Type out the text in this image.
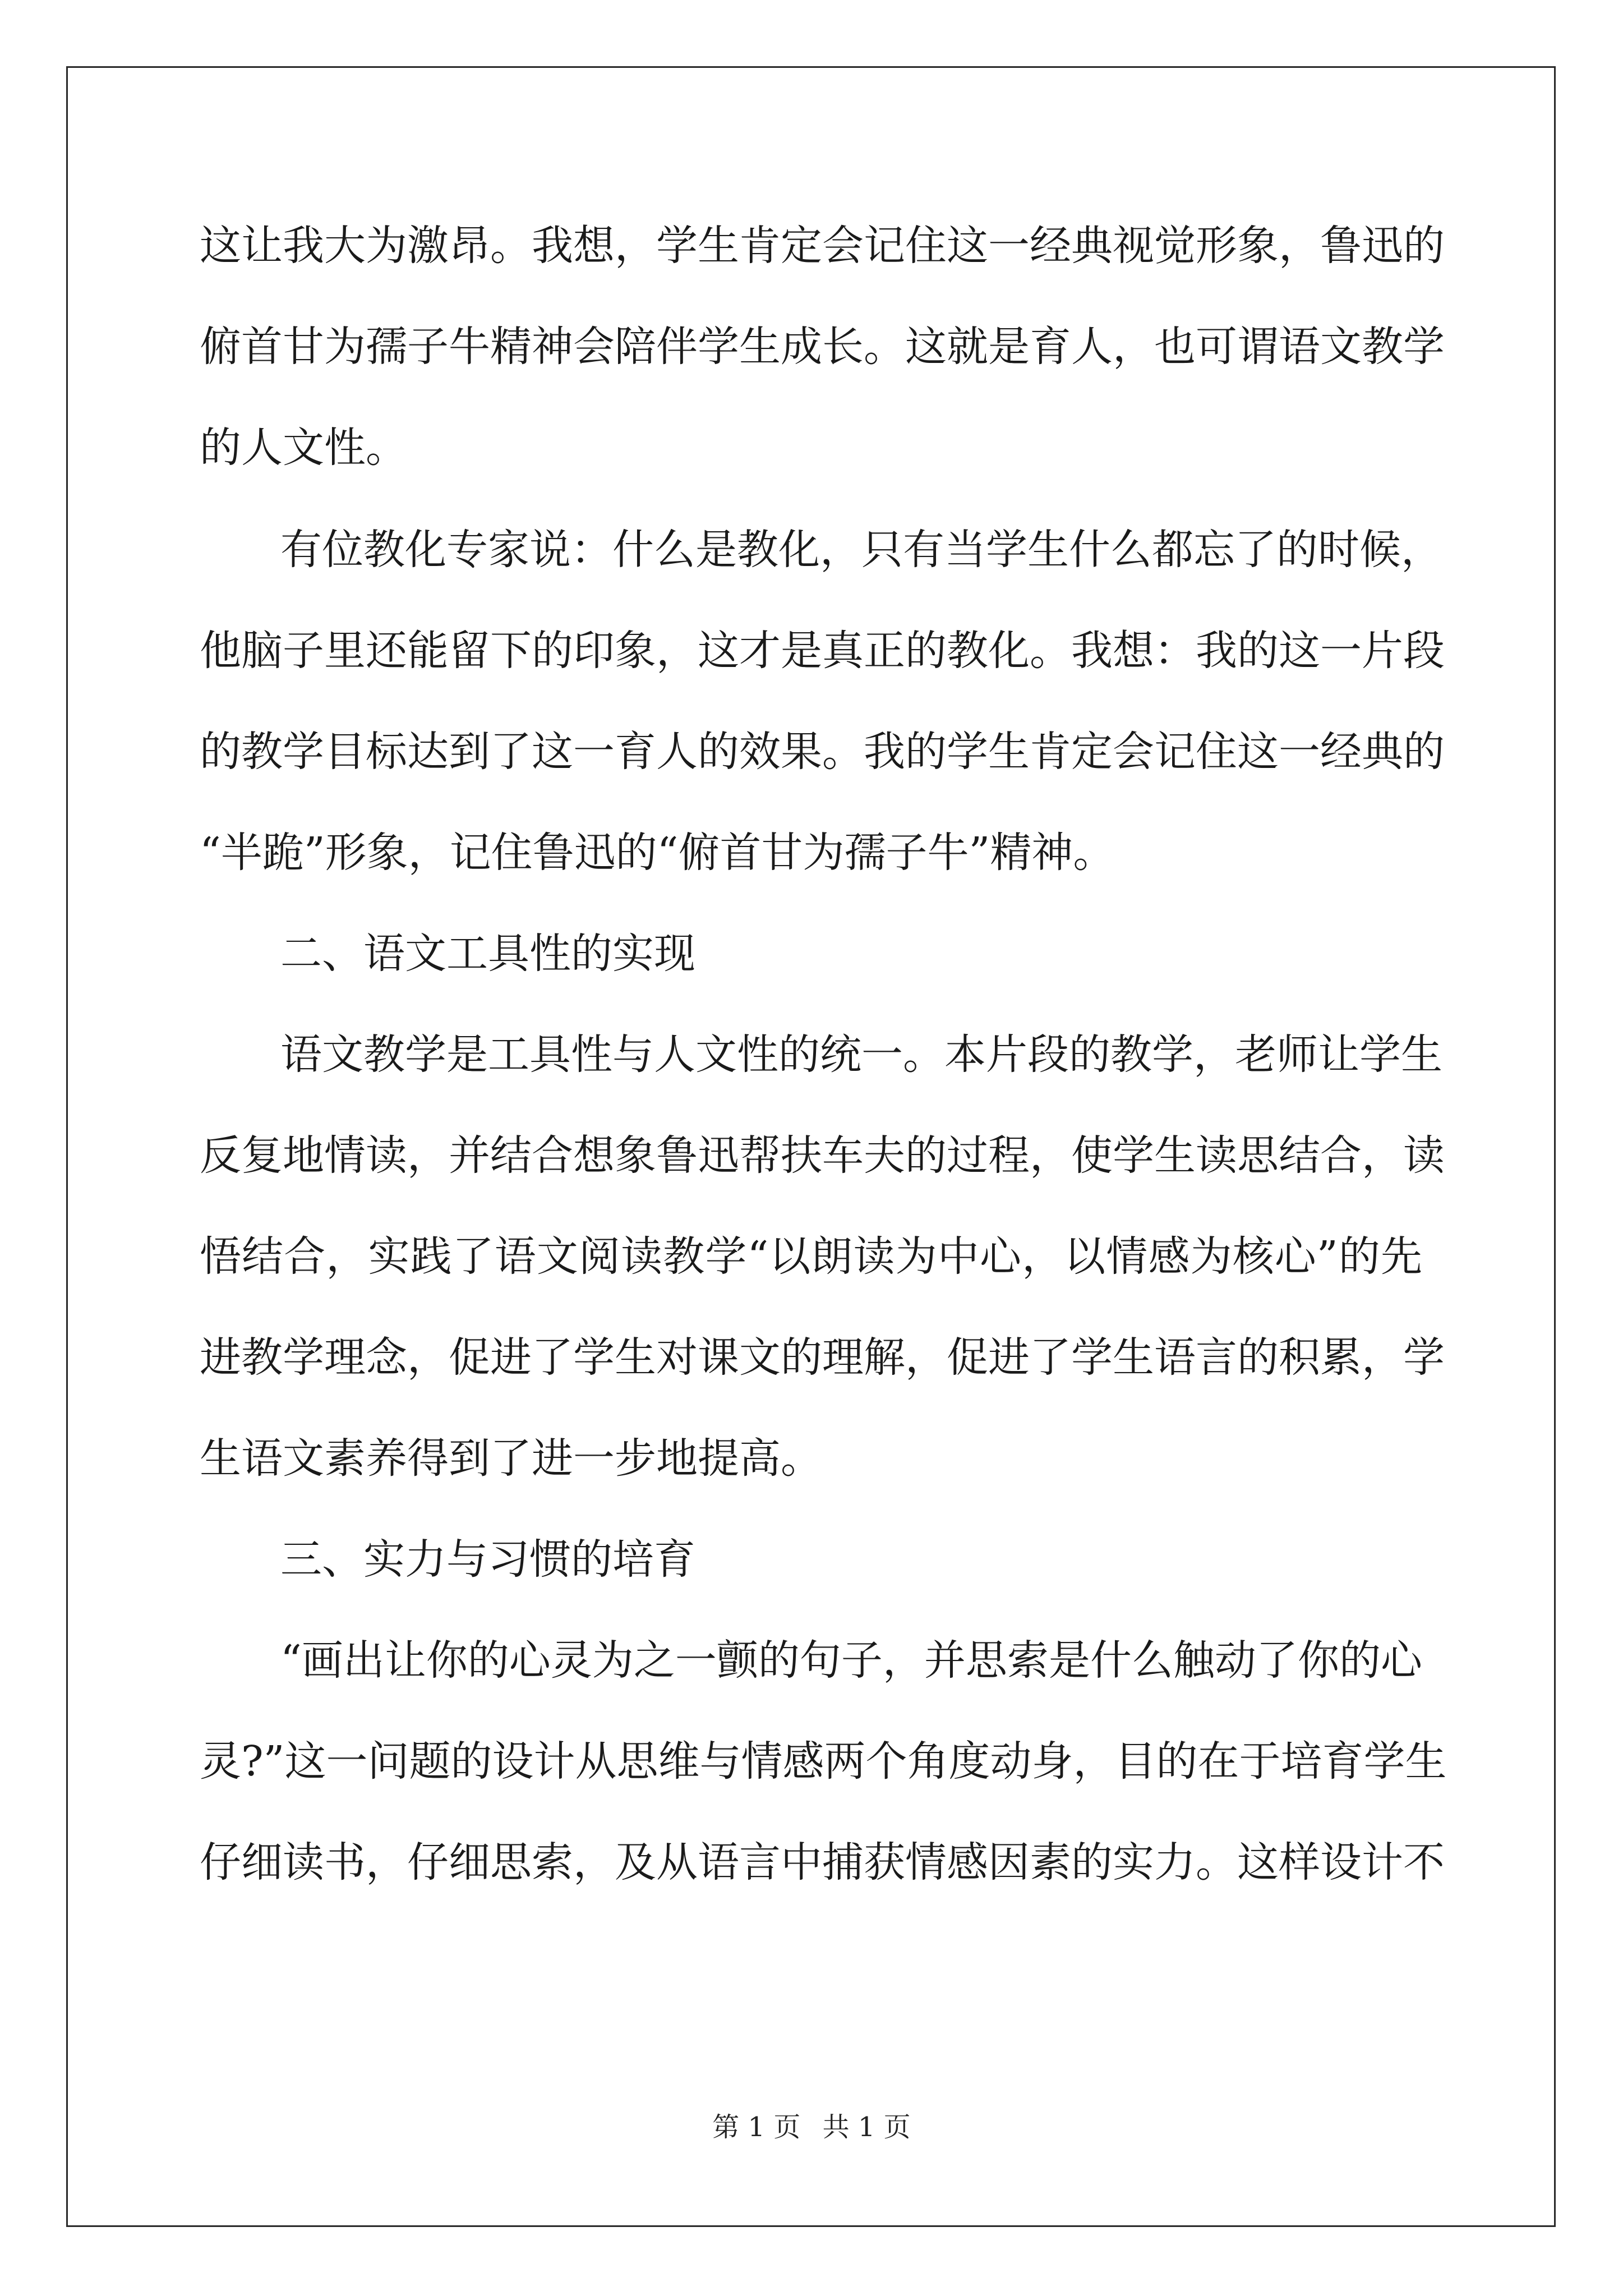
这让我大为激昂。我想，学生肯定会记住这一经典视觉形象，鲁迅的
俯首甘为孺子牛精神会陪伴学生成长。这就是育人，也可谓语文教学
的人文性。
有位教化专家说：什么是教化，只有当学生什么都忘了的时候，
他脑子里还能留下的印象，这才是真正的教化。我想：我的这一片段
的教学目标达到了这一育人的效果。我的学生肯定会记住这一经典的
“半跪”形象，记住鲁迅的“俯首甘为孺子牛”精神。
二、语文工具性的实现
语文教学是工具性与人文性的统一。本片段的教学，老师让学生
反复地情读，并结合想象鲁迅帮扶车夫的过程，使学生读思结合，读
悟结合，实践了语文阅读教学“以朗读为中心，以情感为核心”的先
进教学理念，促进了学生对课文的理解，促进了学生语言的积累，学
生语文素养得到了进一步地提高。
三、实力与习惯的培育
“画出让你的心灵为之一颤的句子，并思索是什么触动了你的心
灵?”这一问题的设计从思维与情感两个角度动身，目的在于培育学生
仔细读书，仔细思索，及从语言中捕获情感因素的实力。这样设计不
第 1 页 共 1 页
